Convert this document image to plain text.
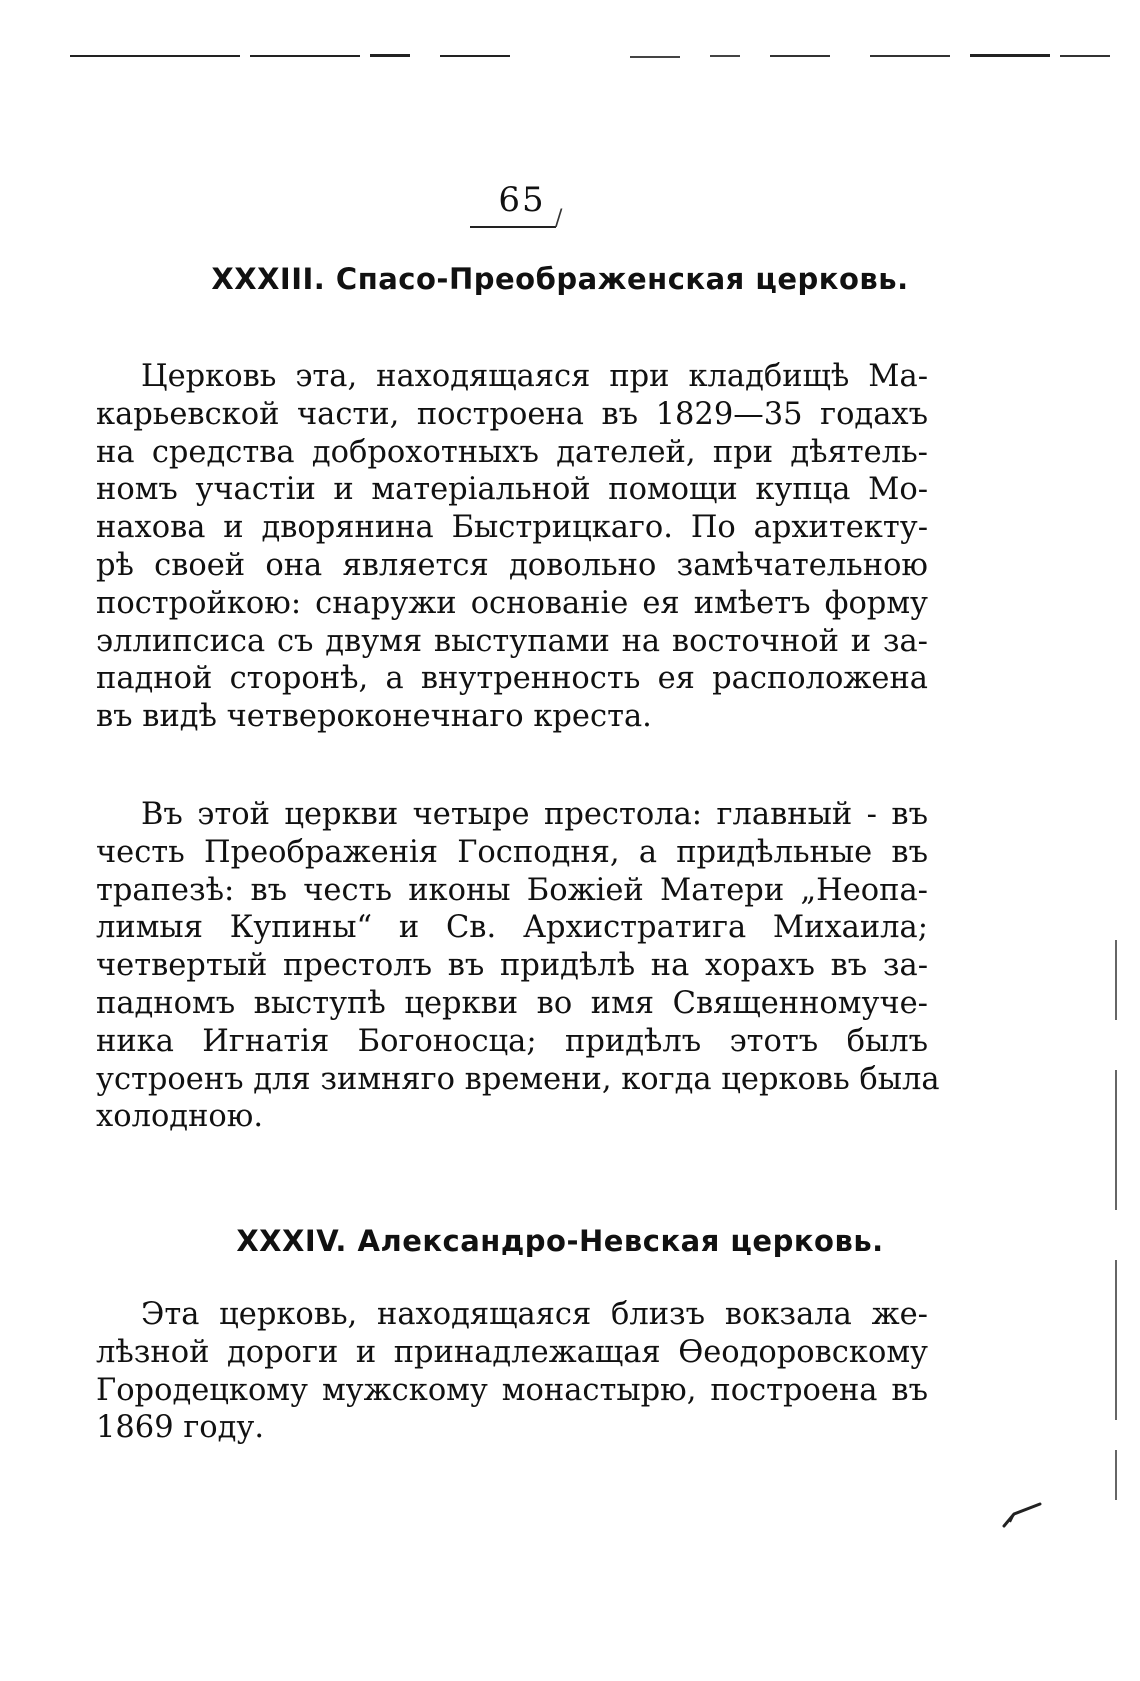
65 /
XXXIII. Спасо-Преображенская церковь.
Церковь эта, находящаяся при кладбищѣ Ма-
карьевской части, построена въ 1829—35 годахъ
на средства доброхотныхъ дателей, при дѣятель-
номъ участіи и матеріальной помощи купца Мо-
нахова и дворянина Быстрицкаго. По архитекту-
рѣ своей она является довольно замѣчательною
постройкою: снаружи основаніе ея имѣетъ форму
эллипсиса съ двумя выступами на восточной и за-
падной сторонѣ, а внутренность ея расположена
въ видѣ четвероконечнаго креста.
Въ этой церкви четыре престола: главный - въ
честь Преображенія Господня, а придѣльные въ
трапезѣ: въ честь иконы Божіей Матери „Неопа-
лимыя Купины“ и Св. Архистратига Михаила;
четвертый престолъ въ придѣлѣ на хорахъ въ за-
падномъ выступѣ церкви во имя Священномуче-
ника Игнатія Богоносца; придѣлъ этотъ былъ
устроенъ для зимняго времени, когда церковь была
холодною.
XXXIV. Александро-Невская церковь.
Эта церковь, находящаяся близъ вокзала же-
лѣзной дороги и принадлежащая Ѳеодоровскому
Городецкому мужскому монастырю, построена въ
1869 году.
